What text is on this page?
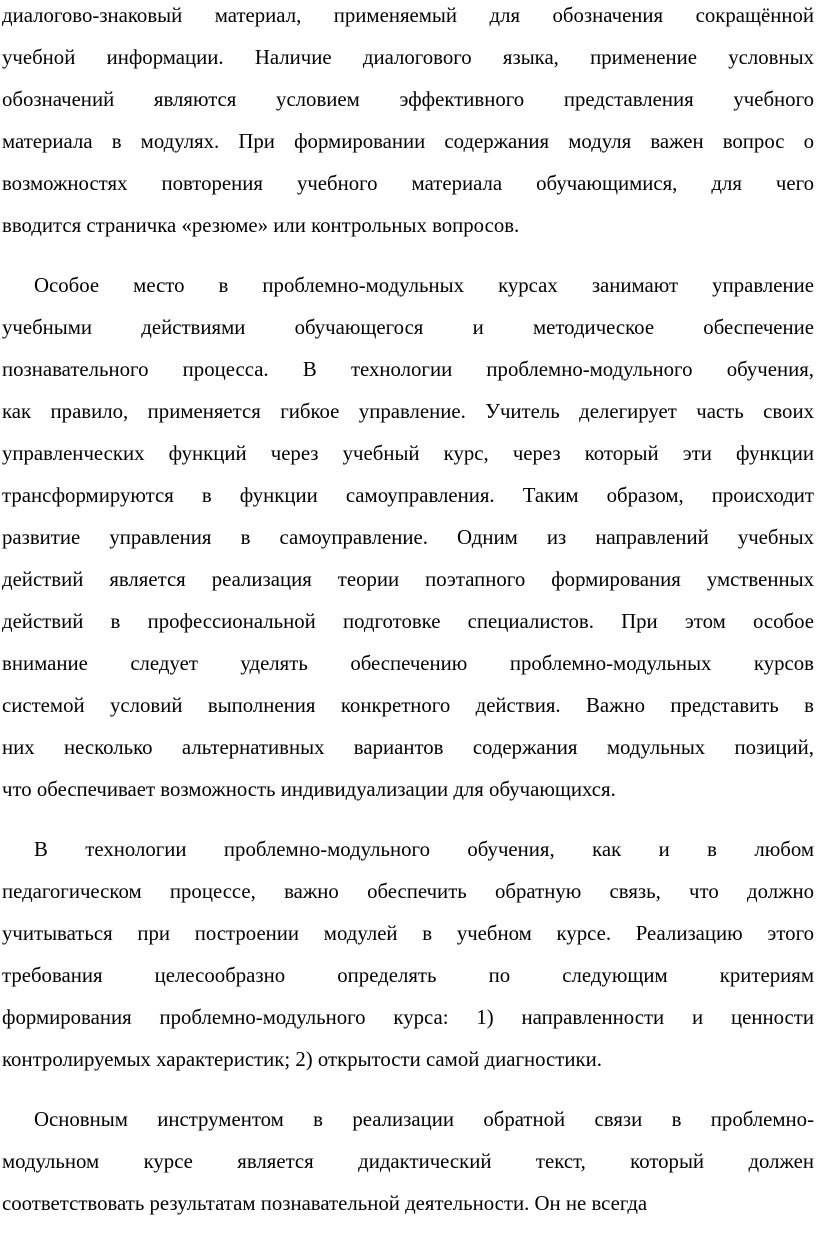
диалогово-знаковый материал, применяемый для обозначения сокращённой
учебной информации. Наличие диалогового языка, применение условных
обозначений являются условием эффективного представления учебного
материала в модулях. При формировании содержания модуля важен вопрос о
возможностях повторения учебного материала обучающимися, для чего
вводится страничка «резюме» или контрольных вопросов.
Особое место в проблемно-модульных курсах занимают управление
учебными действиями обучающегося и методическое обеспечение
познавательного процесса. В технологии проблемно-модульного обучения,
как правило, применяется гибкое управление. Учитель делегирует часть своих
управленческих функций через учебный курс, через который эти функции
трансформируются в функции самоуправления. Таким образом, происходит
развитие управления в самоуправление. Одним из направлений учебных
действий является реализация теории поэтапного формирования умственных
действий в профессиональной подготовке специалистов. При этом особое
внимание следует уделять обеспечению проблемно-модульных курсов
системой условий выполнения конкретного действия. Важно представить в
них несколько альтернативных вариантов содержания модульных позиций,
что обеспечивает возможность индивидуализации для обучающихся.
В технологии проблемно-модульного обучения, как и в любом
педагогическом процессе, важно обеспечить обратную связь, что должно
учитываться при построении модулей в учебном курсе. Реализацию этого
требования целесообразно определять по следующим критериям
формирования проблемно-модульного курса: 1) направленности и ценности
контролируемых характеристик; 2) открытости самой диагностики.
Основным инструментом в реализации обратной связи в проблемно-
модульном курсе является дидактический текст, который должен
соответствовать результатам познавательной деятельности. Он не всегда
